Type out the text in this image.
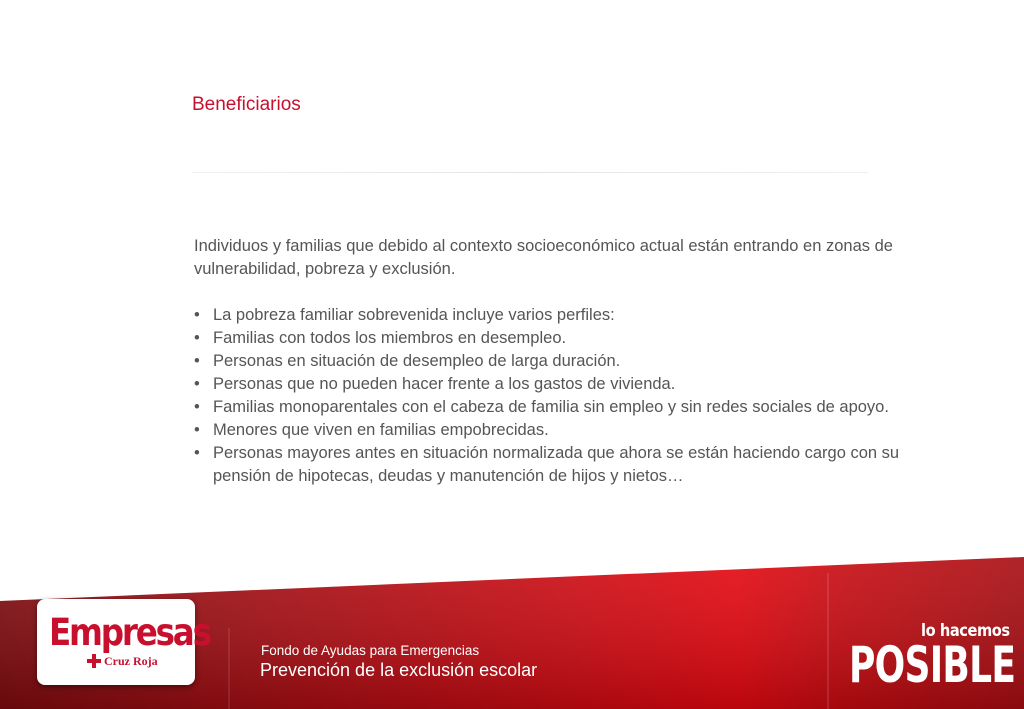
Beneficiarios
Individuos y familias que debido al contexto socioeconómico actual están entrando en zonas de vulnerabilidad, pobreza y exclusión.
• La pobreza familiar sobrevenida incluye varios perfiles:
• Familias con todos los miembros en desempleo.
• Personas en situación de desempleo de larga duración.
• Personas que no pueden hacer frente a los gastos de vivienda.
• Familias monoparentales con el cabeza de familia sin empleo y sin redes sociales de apoyo.
• Menores que viven en familias empobrecidas.
• Personas mayores antes en situación normalizada que ahora se están haciendo cargo con su pensión de hipotecas, deudas y manutención de hijos y nietos…
Empresas
Cruz Roja
Fondo de Ayudas para Emergencias
Prevención de la exclusión escolar
lo hacemos
POSIBLE
